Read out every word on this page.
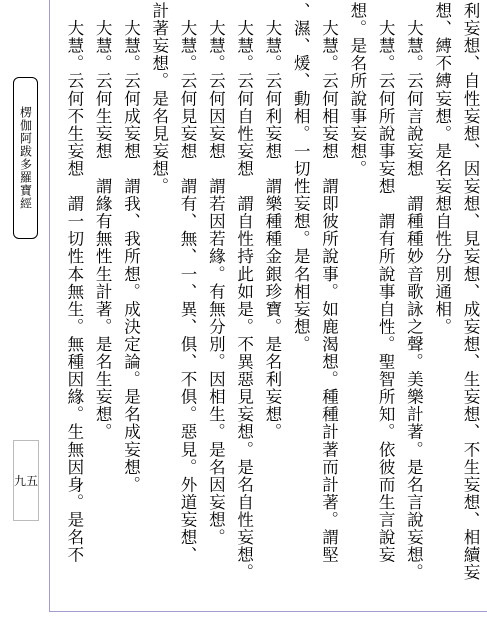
楞伽阿跋多羅寶經
九五	利妄想、自性妄想、因妄想、見妄想、成妄想、生妄想、不生妄想、相續妄
想、縛不縛妄想。是名妄想自性分別通相。
　大慧。云何言說妄想　謂種種妙音歌詠之聲。美樂計著。是名言說妄想。
　大慧。云何所說事妄想　謂有所說事自性。聖智所知。依彼而生言說妄
想。是名所說事妄想。
　大慧。云何相妄想　謂即彼所說事。如鹿渴想。種種計著而計著。謂堅
、濕、煖、動相。一切性妄想。是名相妄想。
　大慧。云何利妄想　謂樂種種金銀珍寶。是名利妄想。
　大慧。云何自性妄想　謂自性持此如是。不異惡見妄想。是名自性妄想。
　大慧。云何因妄想　謂若因若緣。有無分別。因相生。是名因妄想。
　大慧。云何見妄想　謂有、無、一、異、俱、不俱。惡見。外道妄想、
計著妄想。是名見妄想。
　大慧。云何成妄想　謂我、我所想。成決定論。是名成妄想。
　大慧。云何生妄想　謂緣有無性生計著。是名生妄想。
　大慧。云何不生妄想　謂一切性本無生。無種因緣。生無因身。是名不
